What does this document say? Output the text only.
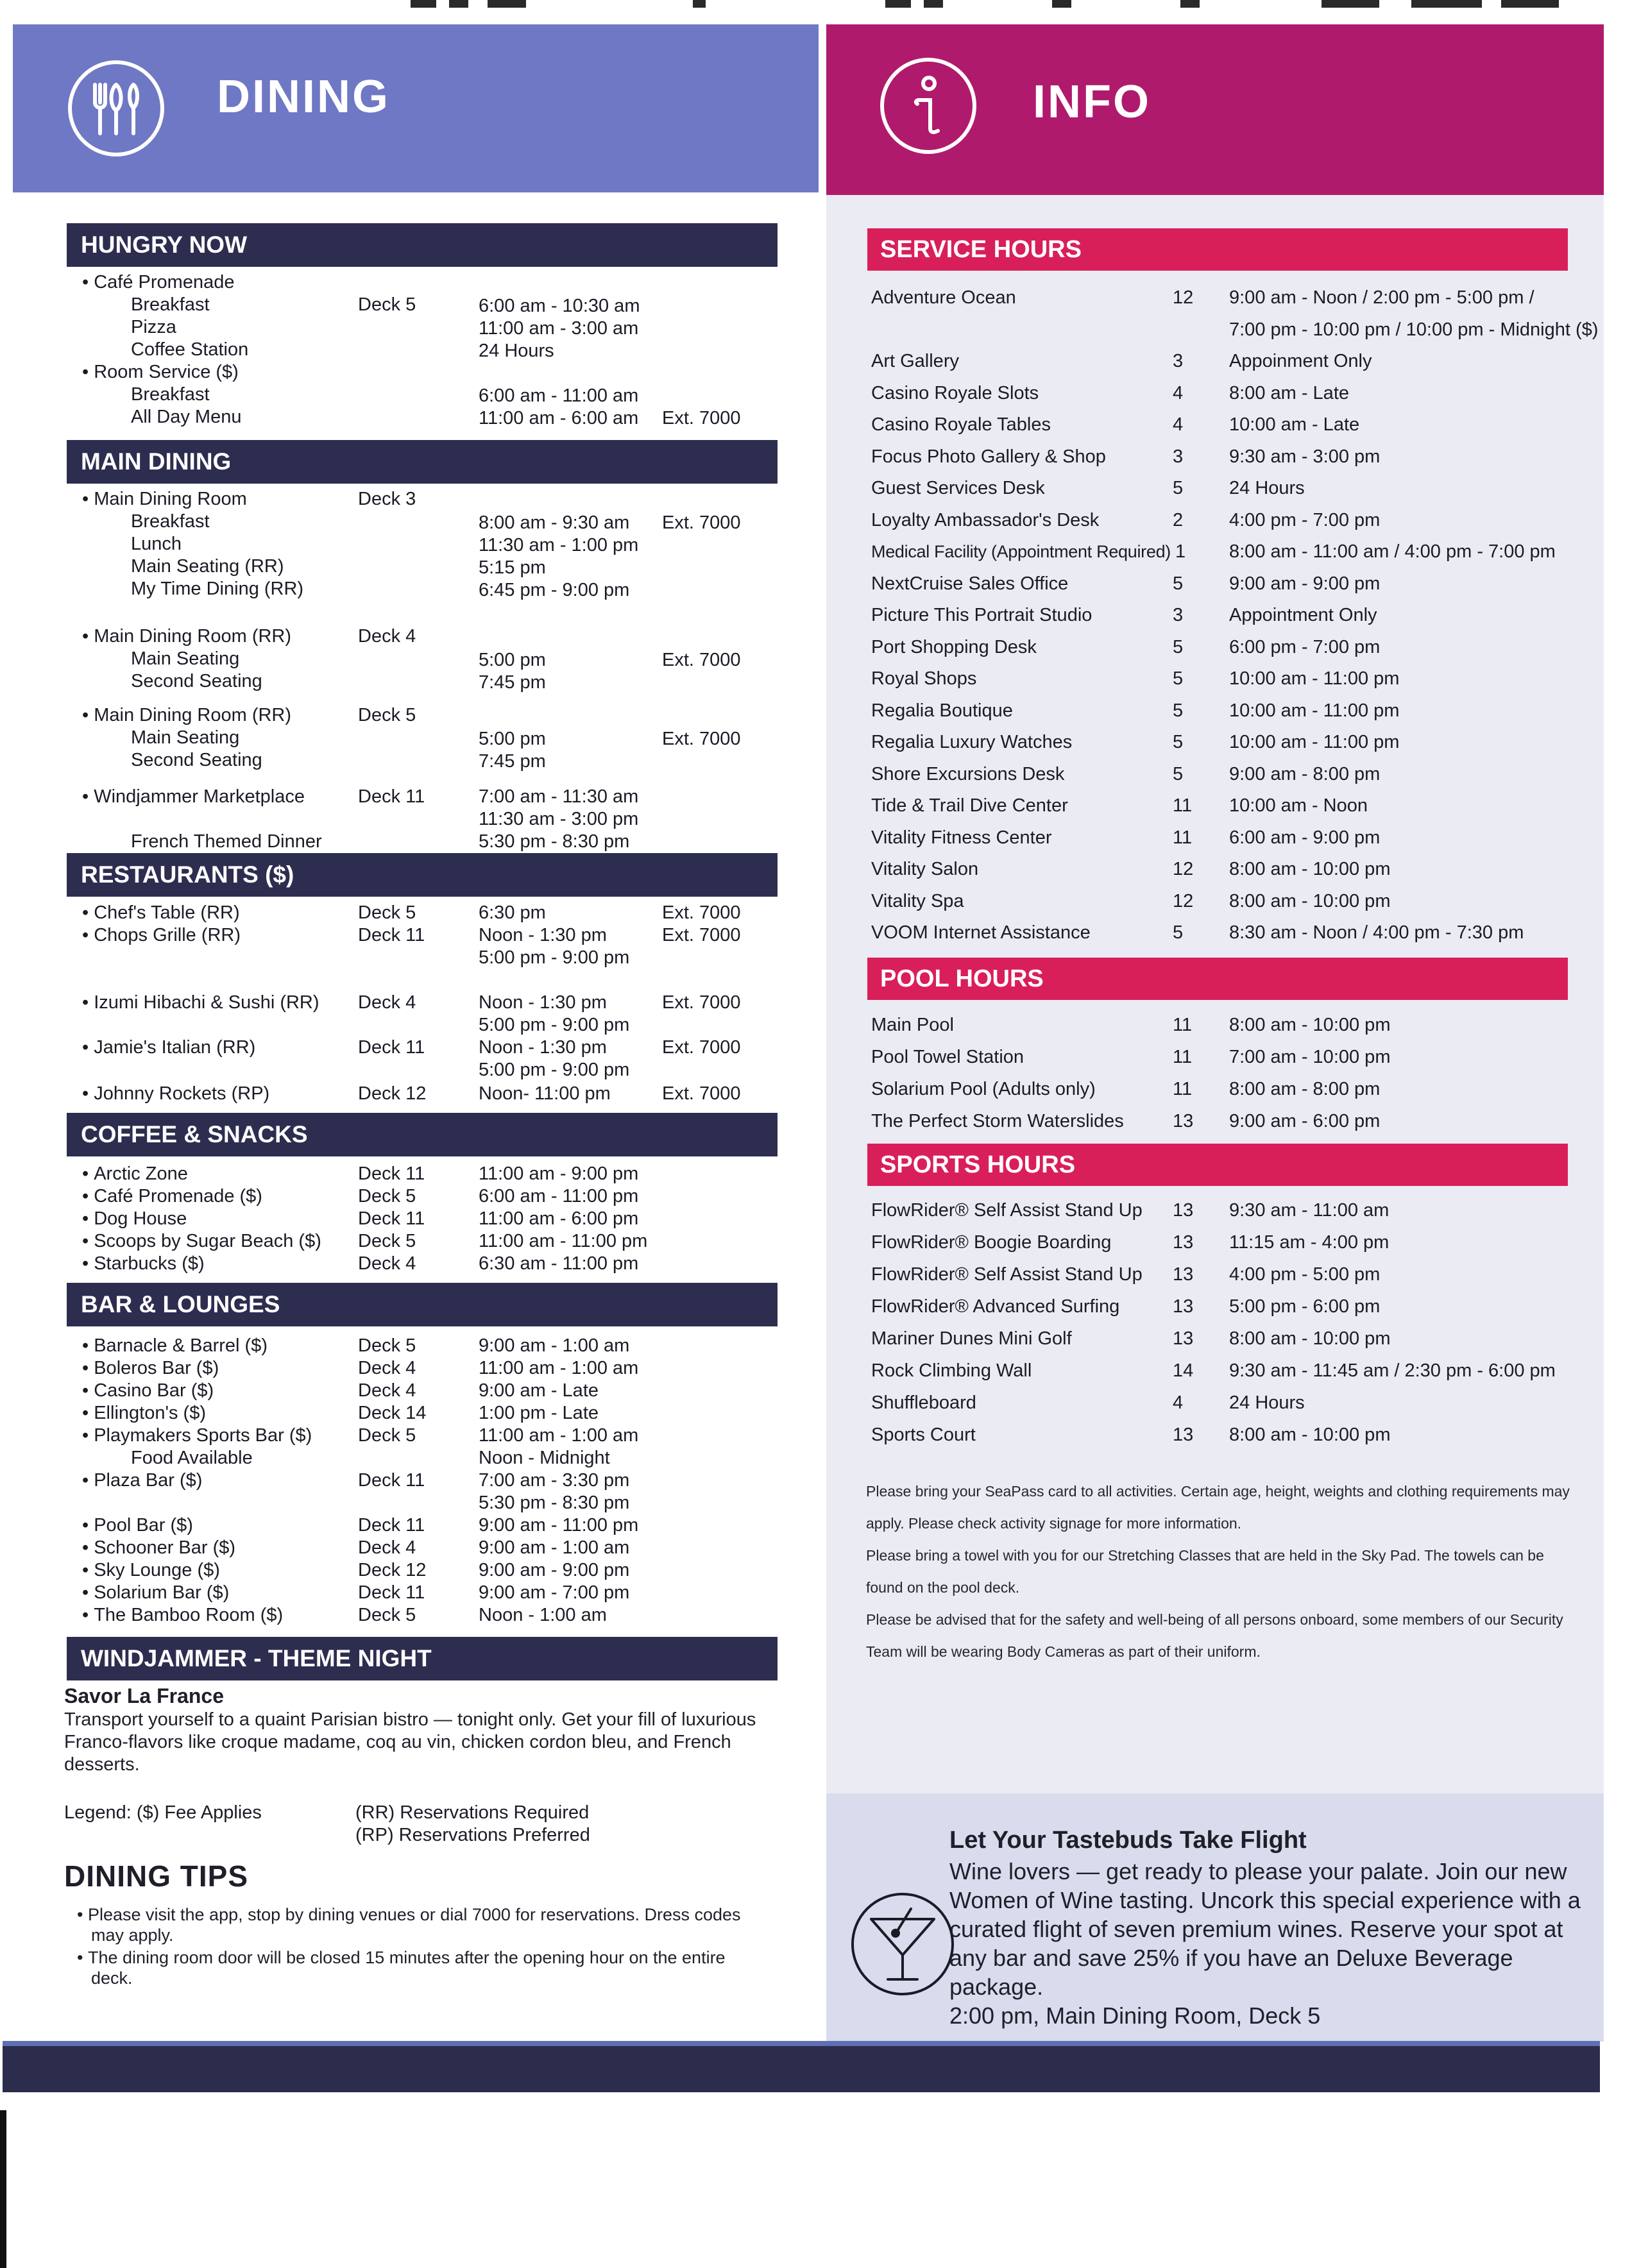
DINING
HUNGRY NOW
• Café Promenade
Breakfast	Deck 5	6:00 am - 10:30 am
Pizza	11:00 am - 3:00 am
Coffee Station	24 Hours
• Room Service ($)
Breakfast	6:00 am - 11:00 am
All Day Menu	11:00 am - 6:00 am Ext. 7000
MAIN DINING
• Main Dining Room	Deck 3
Breakfast	8:00 am - 9:30 am Ext. 7000
Lunch	11:30 am - 1:00 pm
Main Seating (RR)	5:15 pm
My Time Dining (RR)	6:45 pm - 9:00 pm
• Main Dining Room (RR)	Deck 4
Main Seating	5:00 pm	Ext. 7000
Second Seating	7:45 pm
• Main Dining Room (RR)	Deck 5
Main Seating	5:00 pm	Ext. 7000
Second Seating	7:45 pm
• Windjammer Marketplace	Deck 11	7:00 am - 11:30 am
11:30 am - 3:00 pm
French Themed Dinner	5:30 pm - 8:30 pm
RESTAURANTS ($)
• Chef's Table (RR)	Deck 5	6:30 pm	Ext. 7000
• Chops Grille (RR)	Deck 11	Noon - 1:30 pm	Ext. 7000
5:00 pm - 9:00 pm
• Izumi Hibachi & Sushi (RR) Deck 4	Noon - 1:30 pm	Ext. 7000
5:00 pm - 9:00 pm
• Jamie's Italian (RR)	Deck 11	Noon - 1:30 pm	Ext. 7000
5:00 pm - 9:00 pm
• Johnny Rockets (RP)	Deck 12	Noon- 11:00 pm	Ext. 7000
COFFEE & SNACKS
• Arctic Zone	Deck 11	11:00 am - 9:00 pm
• Café Promenade ($)	Deck 5	6:00 am - 11:00 pm
• Dog House	Deck 11	11:00 am - 6:00 pm
• Scoops by Sugar Beach ($) Deck 5	11:00 am - 11:00 pm
• Starbucks ($)	Deck 4	6:30 am - 11:00 pm
BAR & LOUNGES
• Barnacle & Barrel ($)	Deck 5	9:00 am - 1:00 am
• Boleros Bar ($)	Deck 4	11:00 am - 1:00 am
• Casino Bar ($)	Deck 4	9:00 am - Late
• Ellington's ($)	Deck 14	1:00 pm - Late
• Playmakers Sports Bar ($) Deck 5	11:00 am - 1:00 am
Food Available	Noon - Midnight
• Plaza Bar ($)	Deck 11	7:00 am - 3:30 pm
5:30 pm - 8:30 pm
• Pool Bar ($)	Deck 11	9:00 am - 11:00 pm
• Schooner Bar ($)	Deck 4	9:00 am - 1:00 am
• Sky Lounge ($)	Deck 12	9:00 am - 9:00 pm
• Solarium Bar ($)	Deck 11	9:00 am - 7:00 pm
• The Bamboo Room ($)	Deck 5	Noon - 1:00 am
WINDJAMMER - THEME NIGHT
Savor La France
Transport yourself to a quaint Parisian bistro — tonight only. Get your fill of luxurious Franco-flavors like croque madame, coq au vin, chicken cordon bleu, and French desserts.
Legend: ($) Fee Applies	(RR) Reservations Required
(RP) Reservations Preferred
DINING TIPS
• Please visit the app, stop by dining venues or dial 7000 for reservations. Dress codes may apply.
• The dining room door will be closed 15 minutes after the opening hour on the entire deck.
INFO
SERVICE HOURS
Adventure Ocean	12 9:00 am - Noon / 2:00 pm - 5:00 pm /
7:00 pm - 10:00 pm / 10:00 pm - Midnight ($)
Art Gallery	3 Appoinment Only
Casino Royale Slots	4 8:00 am - Late
Casino Royale Tables	4 10:00 am - Late
Focus Photo Gallery & Shop	3 9:30 am - 3:00 pm
Guest Services Desk	5 24 Hours
Loyalty Ambassador's Desk	2 4:00 pm - 7:00 pm
Medical Facility (Appointment Required) 1 8:00 am - 11:00 am / 4:00 pm - 7:00 pm
NextCruise Sales Office	5 9:00 am - 9:00 pm
Picture This Portrait Studio	3 Appointment Only
Port Shopping Desk	5 6:00 pm - 7:00 pm
Royal Shops	5 10:00 am - 11:00 pm
Regalia Boutique	5 10:00 am - 11:00 pm
Regalia Luxury Watches	5 10:00 am - 11:00 pm
Shore Excursions Desk	5 9:00 am - 8:00 pm
Tide & Trail Dive Center	11 10:00 am - Noon
Vitality Fitness Center	11 6:00 am - 9:00 pm
Vitality Salon	12 8:00 am - 10:00 pm
Vitality Spa	12 8:00 am - 10:00 pm
VOOM Internet Assistance	5 8:30 am - Noon / 4:00 pm - 7:30 pm
POOL HOURS
Main Pool	11 8:00 am - 10:00 pm
Pool Towel Station	11 7:00 am - 10:00 pm
Solarium Pool (Adults only)	11 8:00 am - 8:00 pm
The Perfect Storm Waterslides	13 9:00 am - 6:00 pm
SPORTS HOURS
FlowRider® Self Assist Stand Up 13 9:30 am - 11:00 am
FlowRider® Boogie Boarding	13 11:15 am - 4:00 pm
FlowRider® Self Assist Stand Up 13 4:00 pm - 5:00 pm
FlowRider® Advanced Surfing	13 5:00 pm - 6:00 pm
Mariner Dunes Mini Golf	13 8:00 am - 10:00 pm
Rock Climbing Wall	14 9:30 am - 11:45 am / 2:30 pm - 6:00 pm
Shuffleboard	4 24 Hours
Sports Court	13 8:00 am - 10:00 pm
Please bring your SeaPass card to all activities. Certain age, height, weights and clothing requirements may apply. Please check activity signage for more information.
Please bring a towel with you for our Stretching Classes that are held in the Sky Pad. The towels can be found on the pool deck.
Please be advised that for the safety and well-being of all persons onboard, some members of our Security Team will be wearing Body Cameras as part of their uniform.
Let Your Tastebuds Take Flight
Wine lovers — get ready to please your palate. Join our new Women of Wine tasting. Uncork this special experience with a curated flight of seven premium wines. Reserve your spot at any bar and save 25% if you have an Deluxe Beverage package.
2:00 pm, Main Dining Room, Deck 5
